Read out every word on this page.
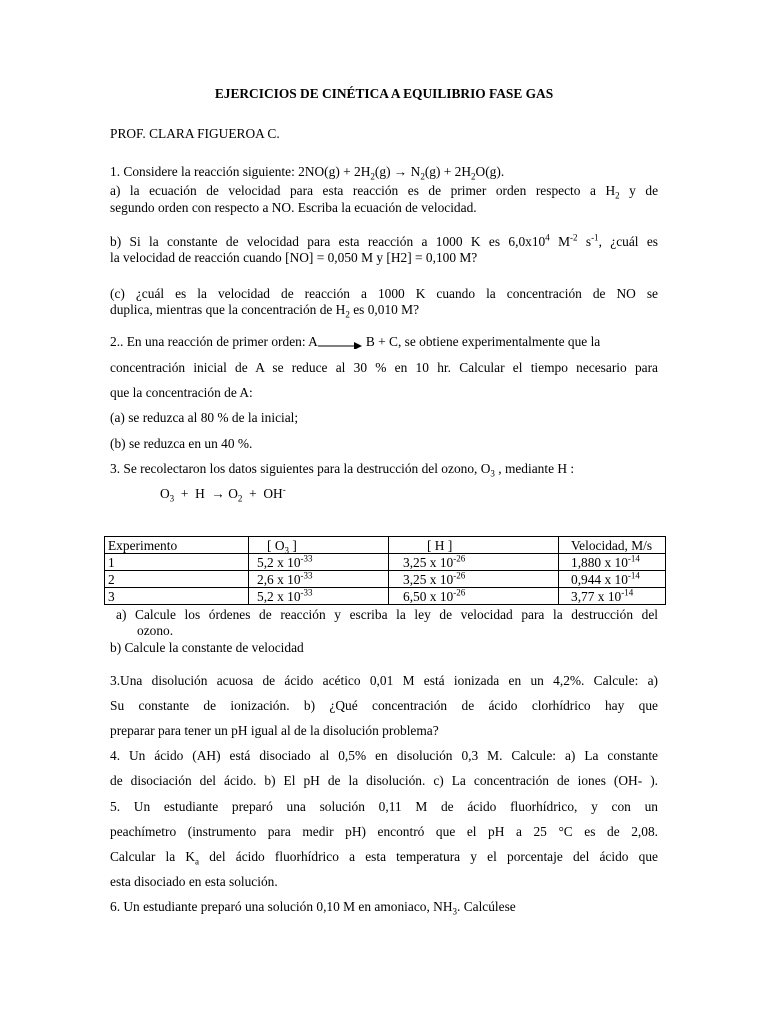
EJERCICIOS DE CINÉTICA A EQUILIBRIO FASE GAS
PROF. CLARA FIGUEROA C.
1. Considere la reacción siguiente: $2NO(g) + 2H_2(g) \to N_2(g) + 2H_2O(g)$.
a) la ecuación de velocidad para esta reacción es de primer orden respecto a $H_2$ y de
segundo orden con respecto a NO. Escriba la ecuación de velocidad.
b) Si la constante de velocidad para esta reacción a 1000 K es $6,0x10^4$ $M^{-2}$ $s^{-1}$, ¿cuál es
la velocidad de reacción cuando [NO] = 0,050 M y [H2] = 0,100 M?
(c) ¿cuál es la velocidad de reacción a 1000 K cuando la concentración de NO se
duplica, mientras que la concentración de $H_2$ es 0,010 M?
2.. En una reacción de primer orden: A→ B + C, se obtiene experimentalmente que la
concentración inicial de A se reduce al 30 % en 10 hr. Calcular el tiempo necesario para
que la concentración de A:
(a) se reduzca al 80 % de la inicial;
(b) se reduzca en un 40 %.
3. Se recolectaron los datos siguientes para la destrucción del ozono, $O_3$ , mediante H :
$O_3 + H \to O_2 + OH^-$
Experimento	[ $O_3$ ]	[ H ]	Velocidad, M/s
1	5,2 x $10^{-33}$	3,25 x $10^{-26}$	1,880 x $10^{-14}$
2	2,6 x $10^{-33}$	3,25 x $10^{-26}$	0,944 x $10^{-14}$
3	5,2 x $10^{-33}$	6,50 x $10^{-26}$	3,77 x $10^{-14}$
a) Calcule los órdenes de reacción y escriba la ley de velocidad para la destrucción del
ozono.
b) Calcule la constante de velocidad
3.Una disolución acuosa de ácido acético 0,01 M está ionizada en un 4,2%. Calcule: a)
Su constante de ionización. b) ¿Qué concentración de ácido clorhídrico hay que
preparar para tener un pH igual al de la disolución problema?
4. Un ácido (AH) está disociado al 0,5% en disolución 0,3 M. Calcule: a) La constante
de disociación del ácido. b) El pH de la disolución. c) La concentración de iones (OH- ).
5. Un estudiante preparó una solución 0,11 M de ácido fluorhídrico, y con un
peachímetro (instrumento para medir pH) encontró que el pH a 25 °C es de 2,08.
Calcular la $K_a$ del ácido fluorhídrico a esta temperatura y el porcentaje del ácido que
esta disociado en esta solución.
6. Un estudiante preparó una solución 0,10 M en amoniaco, $NH_3$. Calcúlese
